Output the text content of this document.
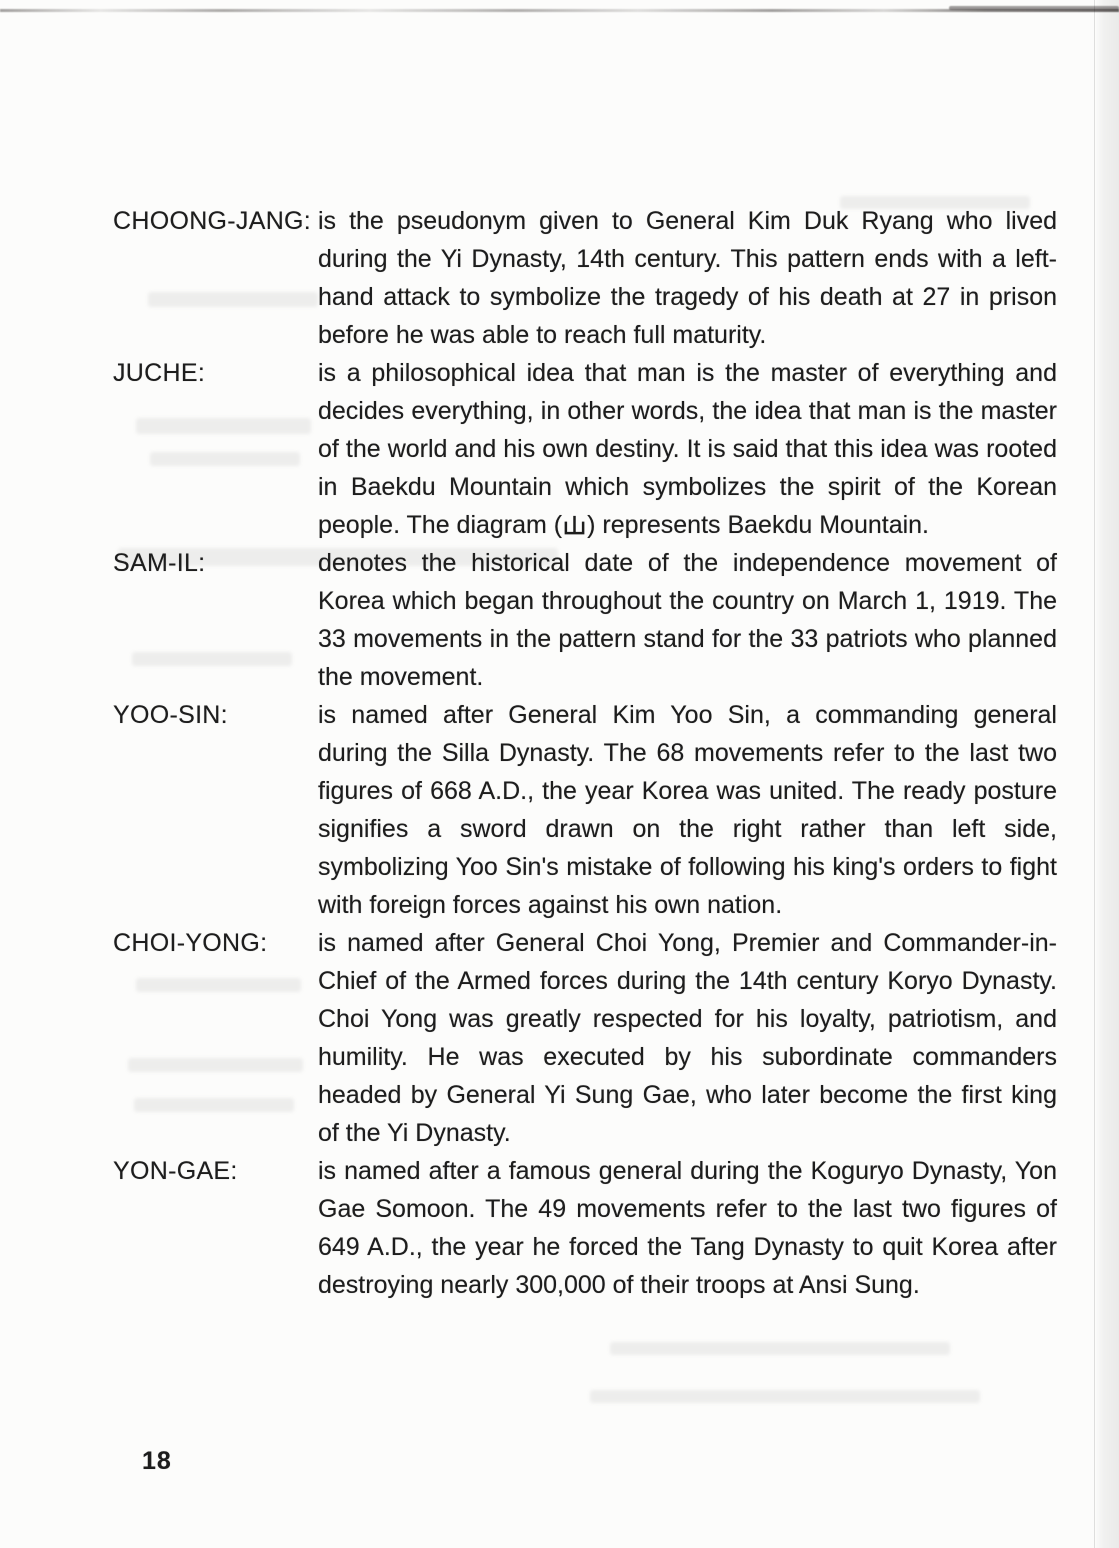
CHOONG-JANG: is the pseudonym given to General Kim Duk Ryang who lived during the Yi Dynasty, 14th century. This pattern ends with a left-hand attack to symbolize the tragedy of his death at 27 in prison before he was able to reach full maturity.
JUCHE:	is a philosophical idea that man is the master of everything and decides everything, in other words, the idea that man is the master of the world and his own destiny. It is said that this idea was rooted in Baekdu Mountain which symbolizes the spirit of the Korean people. The diagram ( ) represents Baekdu Mountain.
SAM-IL:	denotes the historical date of the independence movement of Korea which began throughout the country on March 1, 1919. The 33 movements in the pattern stand for the 33 patriots who planned the movement.
YOO-SIN:	is named after General Kim Yoo Sin, a commanding general during the Silla Dynasty. The 68 movements refer to the last two figures of 668 A.D., the year Korea was united. The ready posture signifies a sword drawn on the right rather than left side, symbolizing Yoo Sin's mistake of following his king's orders to fight with foreign forces against his own nation.
CHOI-YONG:	is named after General Choi Yong, Premier and Commander-in-Chief of the Armed forces during the 14th century Koryo Dynasty. Choi Yong was greatly respected for his loyalty, patriotism, and humility. He was executed by his subordinate commanders headed by General Yi Sung Gae, who later become the first king of the Yi Dynasty.
YON-GAE:	is named after a famous general during the Koguryo Dynasty, Yon Gae Somoon. The 49 movements refer to the last two figures of 649 A.D., the year he forced the Tang Dynasty to quit Korea after destroying nearly 300,000 of their troops at Ansi Sung.
18
